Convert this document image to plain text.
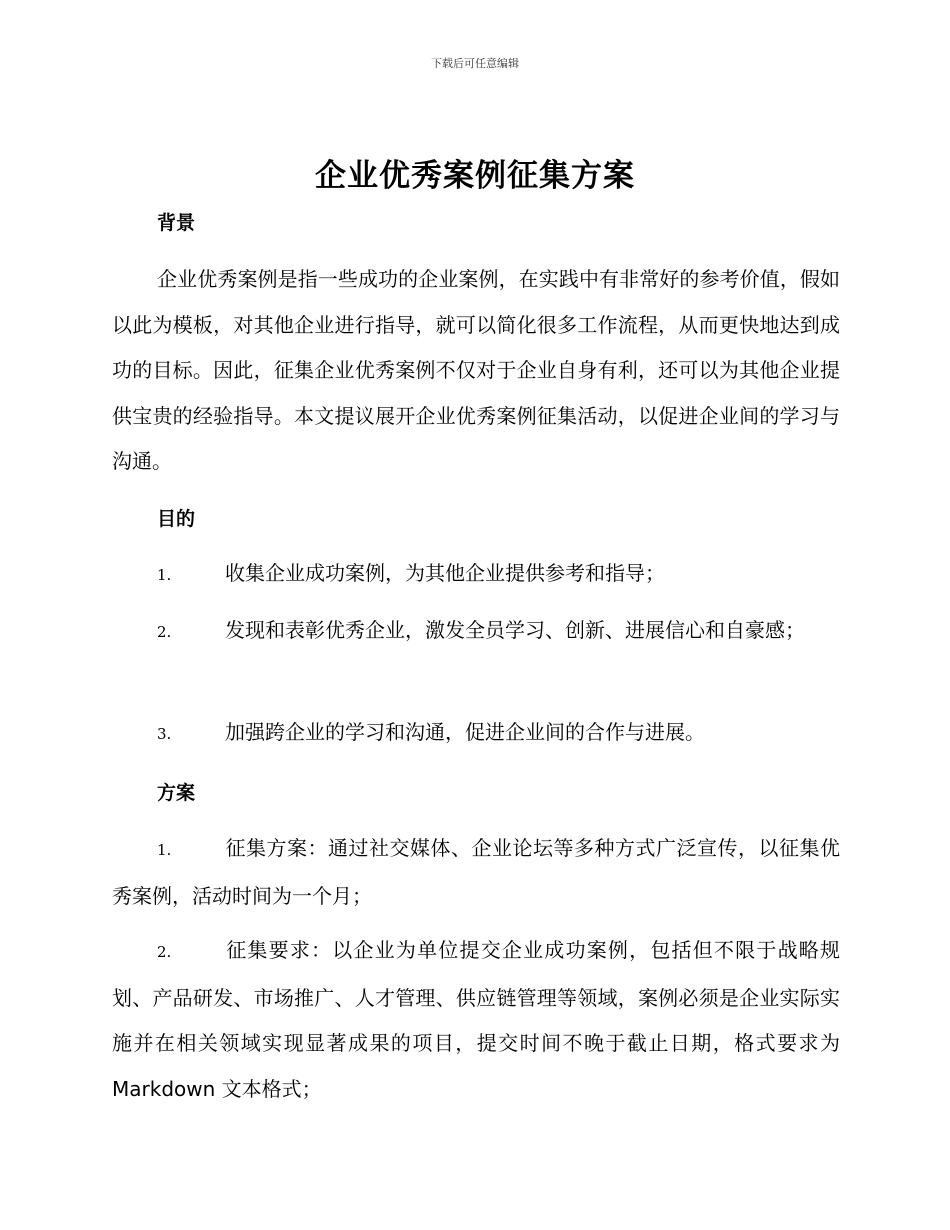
下载后可任意编辑
企业优秀案例征集方案
背景
企业优秀案例是指一些成功的企业案例，在实践中有非常好的参考价值，假如以此为模板，对其他企业进行指导，就可以简化很多工作流程，从而更快地达到成功的目标。因此，征集企业优秀案例不仅对于企业自身有利，还可以为其他企业提供宝贵的经验指导。本文提议展开企业优秀案例征集活动，以促进企业间的学习与沟通。
目的
1.	收集企业成功案例，为其他企业提供参考和指导；
2.	发现和表彰优秀企业，激发全员学习、创新、进展信心和自豪感；
3.	加强跨企业的学习和沟通，促进企业间的合作与进展。
方案
1.	征集方案：通过社交媒体、企业论坛等多种方式广泛宣传，以征集优秀案例，活动时间为一个月；
2.	征集要求：以企业为单位提交企业成功案例，包括但不限于战略规划、产品研发、市场推广、人才管理、供应链管理等领域，案例必须是企业实际实施并在相关领域实现显著成果的项目，提交时间不晚于截止日期，格式要求为 Markdown 文本格式；
